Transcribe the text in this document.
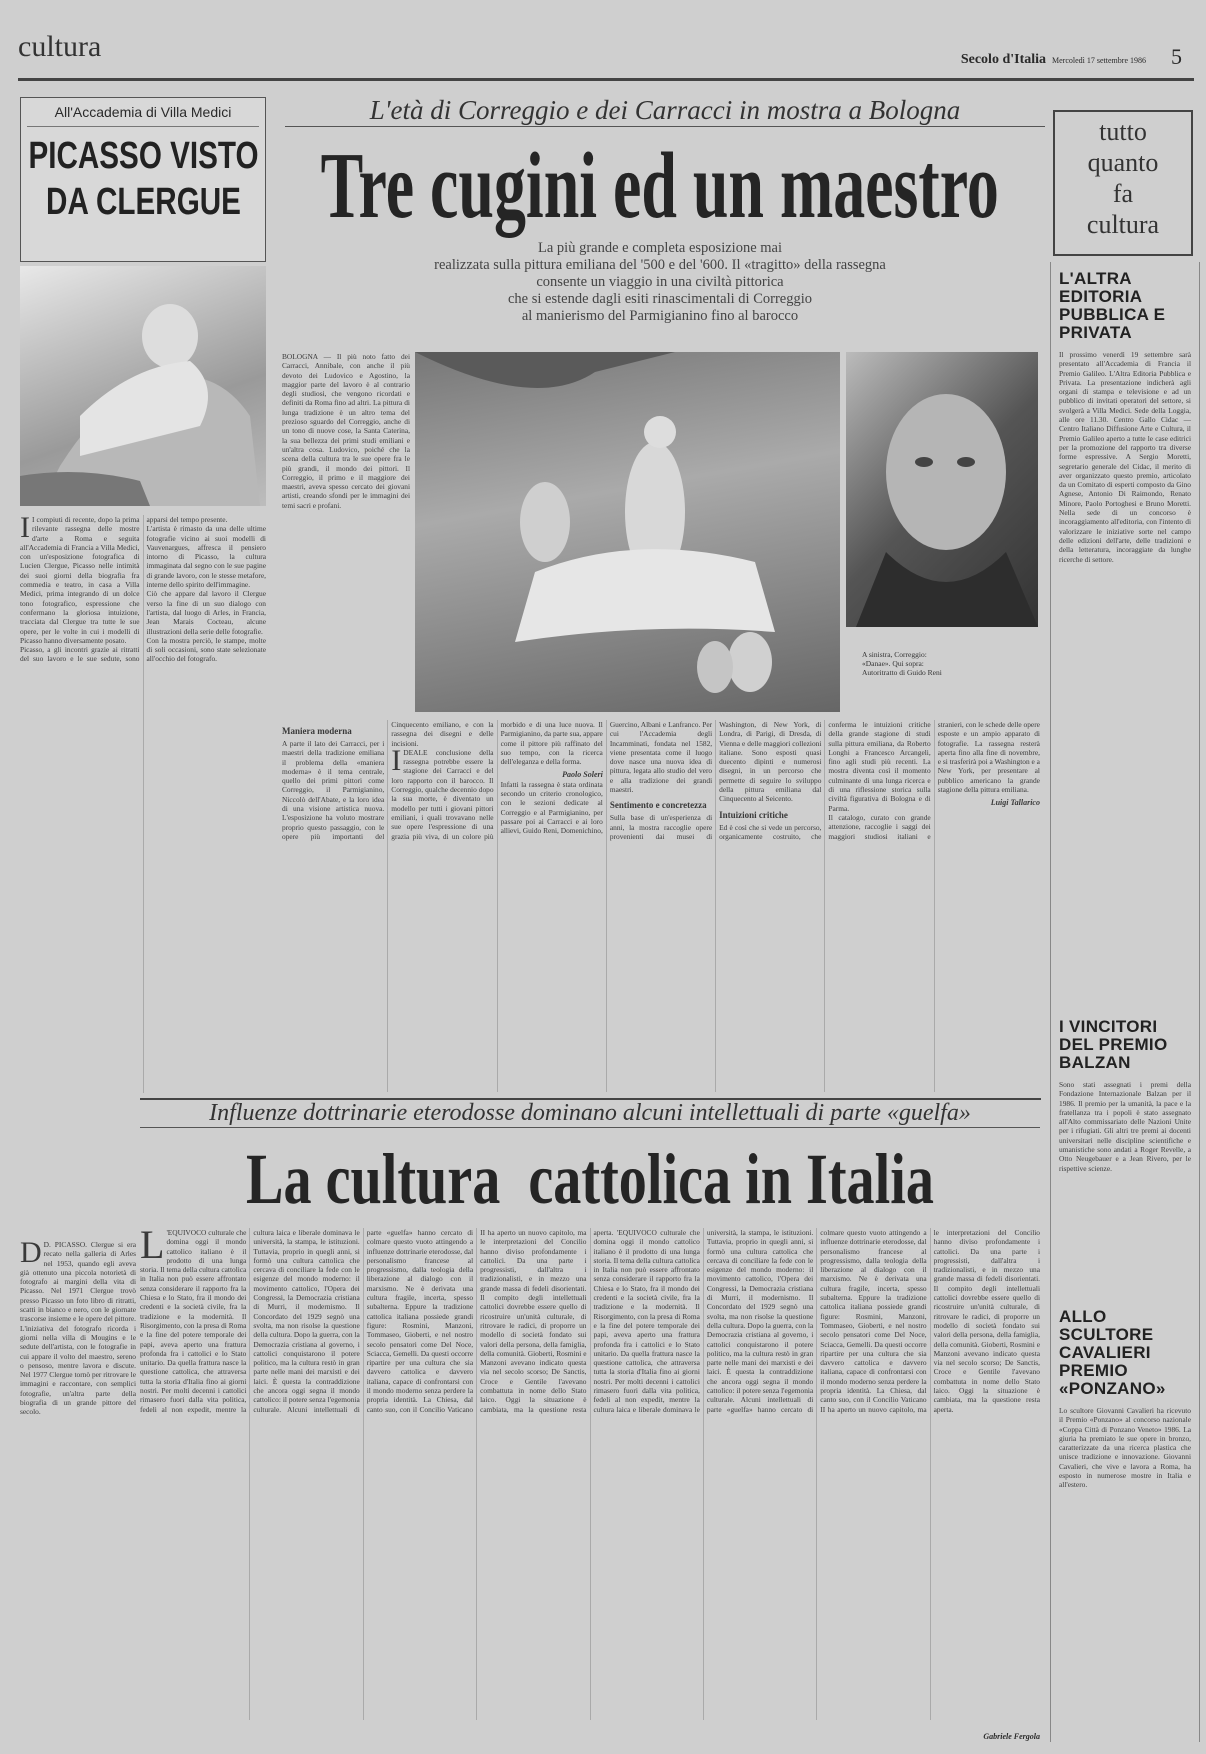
cultura	Secolo d'Italia Mercoledì 17 settembre 1986 5
All'Accademia di Villa Medici
PICASSO VISTO DA CLERGUE

I I compiuti di recente, dopo la prima rilevante rassegna delle mostre d'arte a Roma e seguita all'Accademia di Francia a Villa Medici, con un'esposizione fotografica di Lucien Clergue, Picasso nelle intimità dei suoi giorni della biografia fra commedia e teatro, in casa a Villa Medici, prima integrando di un dolce tono fotografico, espressione che confermano la gloriosa intuizione, tracciata dal Clergue tra tutte le sue opere, per le volte in cui i modelli di Picasso hanno diversamente posato.

Picasso, a gli incontri grazie ai ritratti del suo lavoro e le sue sedute, sono apparsi del tempo presente.

L'artista è rimasto da una delle ultime fotografie vicino ai suoi modelli di Vauvenargues, affresca il pensiero intorno di Picasso, la cultura immaginata dal segno con le sue pagine di grande lavoro, con le stesse metafore, interne dello spirito dell'immagine.

Ciò che appare dal lavoro il Clergue verso la fine di un suo dialogo con l'artista, dal luogo di Arles, in Francia, Jean Marais Cocteau, alcune illustrazioni della serie delle fotografie.

Con la mostra perciò, le stampe, molte di soli occasioni, sono state selezionate all'occhio del fotografo.

D D. PICASSO. Clergue si era recato nella galleria di Arles nel 1953, quando egli aveva già ottenuto una piccola notorietà di fotografo ai margini della vita di Picasso. Nel 1971 Clergue trovò presso Picasso un foto libro di ritratti, scatti in bianco e nero, con le giornate trascorse insieme e le opere del pittore. L'iniziativa del fotografo ricorda i giorni nella villa di Mougins e le sedute dell'artista, con le fotografie in cui appare il volto del maestro, sereno o pensoso, mentre lavora e discute. Nel 1977 Clergue tornò per ritrovare le immagini e raccontare, con semplici fotografie, un'altra parte della biografia di un grande pittore del secolo.
L'età di Correggio e dei Carracci in mostra a Bologna
Tre cugini ed un maestro
La più grande e completa esposizione mai
realizzata sulla pittura emiliana del '500 e del '600. Il «tragitto» della rassegna
consente un viaggio in una civiltà pittorica
che si estende dagli esiti rinascimentali di Correggio
al manierismo del Parmigianino fino al barocco

BOLOGNA — Il più noto fatto dei Carracci, Annibale, con anche il più devoto dei Ludovico e Agostino, la maggior parte del lavoro è al contrario degli studiosi, che vengono ricordati e definiti da Roma fino ad altri. La pittura di lunga tradizione è un altro tema del prezioso sguardo del Correggio, anche di un tono di nuove cose, la Santa Caterina, la sua bellezza dei primi studi emiliani e un'altra cosa. Ludovico, poiché che la scena della cultura tra le sue opere fra le più grandi, il mondo dei pittori. Il Correggio, il primo e il maggiore dei maestri, aveva spesso cercato dei giovani artisti, creando sfondi per le immagini dei temi sacri e profani.

A sinistra, Correggio: «Danae». Qui sopra: Autoritratto di Guido Reni
Maniera moderna

A parte il lato dei Carracci, per i maestri della tradizione emiliana il problema della «maniera moderna» è il tema centrale, quello dei primi pittori come Correggio, il Parmigianino, Niccolò dell'Abate, e la loro idea di una visione artistica nuova. L'esposizione ha voluto mostrare proprio questo passaggio, con le opere più importanti del Cinquecento emiliano, e con la rassegna dei disegni e delle incisioni.

IDEALE conclusione della rassegna potrebbe essere la stagione dei Carracci e del loro rapporto con il barocco. Il Correggio, qualche decennio dopo la sua morte, è diventato un modello per tutti i giovani pittori emiliani, i quali trovavano nelle sue opere l'espressione di una grazia più viva, di un colore più morbido e di una luce nuova. Il Parmigianino, da parte sua, appare come il pittore più raffinato del suo tempo, con la ricerca dell'eleganza e della forma.

Paolo Soleri

Infatti la rassegna è stata ordinata secondo un criterio cronologico, con le sezioni dedicate al Correggio e al Parmigianino, per passare poi ai Carracci e ai loro allievi, Guido Reni, Domenichino, Guercino, Albani e Lanfranco. Per cui l'Accademia degli Incamminati, fondata nel 1582, viene presentata come il luogo dove nasce una nuova idea di pittura, legata allo studio del vero e alla tradizione dei grandi maestri.

Sentimento e concretezza

Sulla base di un'esperienza di anni, la mostra raccoglie opere provenienti dai musei di Washington, di New York, di Londra, di Parigi, di Dresda, di Vienna e delle maggiori collezioni italiane. Sono esposti quasi duecento dipinti e numerosi disegni, in un percorso che permette di seguire lo sviluppo della pittura emiliana dal Cinquecento al Seicento.

Intuizioni critiche

Ed è così che si vede un percorso, organicamente costruito, che conferma le intuizioni critiche della grande stagione di studi sulla pittura emiliana, da Roberto Longhi a Francesco Arcangeli, fino agli studi più recenti. La mostra diventa così il momento culminante di una lunga ricerca e di una riflessione storica sulla civiltà figurativa di Bologna e di Parma.

Il catalogo, curato con grande attenzione, raccoglie i saggi dei maggiori studiosi italiani e stranieri, con le schede delle opere esposte e un ampio apparato di fotografie. La rassegna resterà aperta fino alla fine di novembre, e si trasferirà poi a Washington e a New York, per presentare al pubblico americano la grande stagione della pittura emiliana.

Luigi Tallarico
tutto
quanto
fa
cultura
L'ALTRA EDITORIA PUBBLICA E PRIVATA

Il prossimo venerdì 19 settembre sarà presentato all'Accademia di Francia il Premio Galileo. L'Altra Editoria Pubblica e Privata. La presentazione indicherà agli organi di stampa e televisione e ad un pubblico di invitati operatori del settore, si svolgerà a Villa Medici. Sede della Loggia, alle ore 11.30. Centro Gallo Cidac — Centro Italiano Diffusione Arte e Cultura, il Premio Galileo aperto a tutte le case editrici per la promozione del rapporto tra diverse forme espressive. A Sergio Moretti, segretario generale del Cidac, il merito di aver organizzato questo premio, articolato da un Comitato di esperti composto da Gino Agnese, Antonio Di Raimondo, Renato Minore, Paolo Portoghesi e Bruno Moretti. Nella sede di un concorso è incoraggiamento all'editoria, con l'intento di valorizzare le iniziative sorte nel campo delle edizioni dell'arte, delle tradizioni e della letteratura, incoraggiate da lunghe ricerche di settore.

I VINCITORI DEL PREMIO BALZAN

Sono stati assegnati i premi della Fondazione Internazionale Balzan per il 1986. Il premio per la umanità, la pace e la fratellanza tra i popoli è stato assegnato all'Alto commissariato delle Nazioni Unite per i rifugiati. Gli altri tre premi ai docenti universitari nelle discipline scientifiche e umanistiche sono andati a Roger Revelle, a Otto Neugebauer e a Jean Rivero, per le rispettive scienze.

ALLO SCULTORE CAVALIERI PREMIO «PONZANO»

Lo scultore Giovanni Cavalieri ha ricevuto il Premio «Ponzano» al concorso nazionale «Coppa Città di Ponzano Veneto» 1986. La giuria ha premiato le sue opere in bronzo, caratterizzate da una ricerca plastica che unisce tradizione e innovazione. Giovanni Cavalieri, che vive e lavora a Roma, ha esposto in numerose mostre in Italia e all'estero.

Influenze dottrinarie eterodosse dominano alcuni intellettuali di parte «guelfa»
La cultura  cattolica in Italia

L 'EQUIVOCO culturale che domina oggi il mondo cattolico italiano è il prodotto di una lunga storia. Il tema della cultura cattolica in Italia non può essere affrontato senza considerare il rapporto fra la Chiesa e lo Stato, fra il mondo dei credenti e la società civile, fra la tradizione e la modernità. Il Risorgimento, con la presa di Roma e la fine del potere temporale dei papi, aveva aperto una frattura profonda fra i cattolici e lo Stato unitario. Da quella frattura nasce la questione cattolica, che attraversa tutta la storia d'Italia fino ai giorni nostri. Per molti decenni i cattolici rimasero fuori dalla vita politica, fedeli al non expedit, mentre la cultura laica e liberale dominava le università, la stampa, le istituzioni. Tuttavia, proprio in quegli anni, si formò una cultura cattolica che cercava di conciliare la fede con le esigenze del mondo moderno: il movimento cattolico, l'Opera dei Congressi, la Democrazia cristiana di Murri, il modernismo. Il Concordato del 1929 segnò una svolta, ma non risolse la questione della cultura. Dopo la guerra, con la Democrazia cristiana al governo, i cattolici conquistarono il potere politico, ma la cultura restò in gran parte nelle mani dei marxisti e dei laici. È questa la contraddizione che ancora oggi segna il mondo cattolico: il potere senza l'egemonia culturale. Alcuni intellettuali di parte «guelfa» hanno cercato di colmare questo vuoto attingendo a influenze dottrinarie eterodosse, dal personalismo francese al progressismo, dalla teologia della liberazione al dialogo con il marxismo. Ne è derivata una cultura fragile, incerta, spesso subalterna. Eppure la tradizione cattolica italiana possiede grandi figure: Rosmini, Manzoni, Tommaseo, Gioberti, e nel nostro secolo pensatori come Del Noce, Sciacca, Gemelli. Da questi occorre ripartire per una cultura che sia davvero cattolica e davvero italiana, capace di confrontarsi con il mondo moderno senza perdere la propria identità. La Chiesa, dal canto suo, con il Concilio Vaticano II ha aperto un nuovo capitolo, ma le interpretazioni del Concilio hanno diviso profondamente i cattolici. Da una parte i progressisti, dall'altra i tradizionalisti, e in mezzo una grande massa di fedeli disorientati. Il compito degli intellettuali cattolici dovrebbe essere quello di ricostruire un'unità culturale, di ritrovare le radici, di proporre un modello di società fondato sui valori della persona, della famiglia, della comunità. Gioberti, Rosmini e Manzoni avevano indicato questa via nel secolo scorso; De Sanctis, Croce e Gentile l'avevano combattuta in nome dello Stato laico. Oggi la situazione è cambiata, ma la questione resta aperta. 'EQUIVOCO culturale che domina oggi il mondo cattolico italiano è il prodotto di una lunga storia. Il tema della cultura cattolica in Italia non può essere affrontato senza considerare il rapporto fra la Chiesa e lo Stato, fra il mondo dei credenti e la società civile, fra la tradizione e la modernità. Il Risorgimento, con la presa di Roma e la fine del potere temporale dei papi, aveva aperto una frattura profonda fra i cattolici e lo Stato unitario. Da quella frattura nasce la questione cattolica, che attraversa tutta la storia d'Italia fino ai giorni nostri. Per molti decenni i cattolici rimasero fuori dalla vita politica, fedeli al non expedit, mentre la cultura laica e liberale dominava le università, la stampa, le istituzioni. Tuttavia, proprio in quegli anni, si formò una cultura cattolica che cercava di conciliare la fede con le esigenze del mondo moderno: il movimento cattolico, l'Opera dei Congressi, la Democrazia cristiana di Murri, il modernismo. Il Concordato del 1929 segnò una svolta, ma non risolse la questione della cultura. Dopo la guerra, con la Democrazia cristiana al governo, i cattolici conquistarono il potere politico, ma la cultura restò in gran parte nelle mani dei marxisti e dei laici. È questa la contraddizione che ancora oggi segna il mondo cattolico: il potere senza l'egemonia culturale. Alcuni intellettuali di parte «guelfa» hanno cercato di colmare questo vuoto attingendo a influenze dottrinarie eterodosse, dal personalismo francese al progressismo, dalla teologia della liberazione al dialogo con il marxismo. Ne è derivata una cultura fragile, incerta, spesso subalterna. Eppure la tradizione cattolica italiana possiede grandi figure: Rosmini, Manzoni, Tommaseo, Gioberti, e nel nostro secolo pensatori come Del Noce, Sciacca, Gemelli. Da questi occorre ripartire per una cultura che sia davvero cattolica e davvero italiana, capace di confrontarsi con il mondo moderno senza perdere la propria identità. La Chiesa, dal canto suo, con il Concilio Vaticano II ha aperto un nuovo capitolo, ma le interpretazioni del Concilio hanno diviso profondamente i cattolici. Da una parte i progressisti, dall'altra i tradizionalisti, e in mezzo una grande massa di fedeli disorientati. Il compito degli intellettuali cattolici dovrebbe essere quello di ricostruire un'unità culturale, di ritrovare le radici, di proporre un modello di società fondato sui valori della persona, della famiglia, della comunità. Gioberti, Rosmini e Manzoni avevano indicato questa via nel secolo scorso; De Sanctis, Croce e Gentile l'avevano combattuta in nome dello Stato laico. Oggi la situazione è cambiata, ma la questione resta aperta.

Gabriele Fergola
